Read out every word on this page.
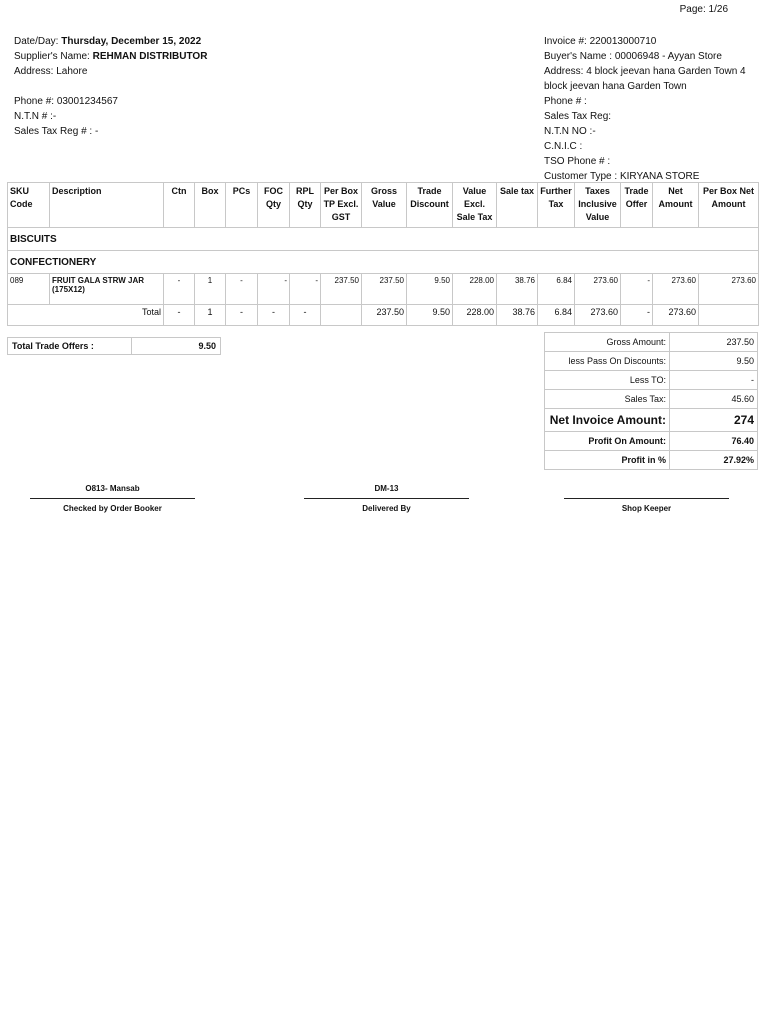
Page: 1/26
Date/Day: Thursday, December 15, 2022
Supplier's Name: REHMAN DISTRIBUTOR
Address: Lahore
Phone #: 03001234567
N.T.N # :-
Sales Tax Reg # : -
Invoice #: 220013000710
Buyer's Name : 00006948 - Ayyan Store
Address: 4 block jeevan hana Garden Town 4 block jeevan hana Garden Town
Phone # :
Sales Tax Reg:
N.T.N NO :-
C.N.I.C :
TSO Phone # :
Customer Type : KIRYANA STORE
SKU Code	Description	Ctn	Box	PCs	FOC Qty	RPL Qty	Per Box TP Excl. GST	Gross Value	Trade Discount	Value Excl. Sale Tax	Sale tax	Further Tax	Taxes Inclusive Value	Trade Offer	Net Amount	Per Box Net Amount
BISCUITS																
CONFECTIONERY																
089	FRUIT GALA STRW JAR (175X12)	-	1	-	-	-	237.50	237.50	9.50	228.00	38.76	6.84	273.60	-	273.60	273.60
Total		-	1	-	-	-		237.50	9.50	228.00	38.76	6.84	273.60	-	273.60	
Total Trade Offers :	9.50	Gross Amount:	237.50
less Pass On Discounts:	9.50
Less TO:	-
Sales Tax:	45.60
Net Invoice Amount:	274
Profit On Amount:	76.40
Profit in %	27.92%
O813- Mansab
Checked by Order Booker
DM-13
Delivered By	Shop Keeper
